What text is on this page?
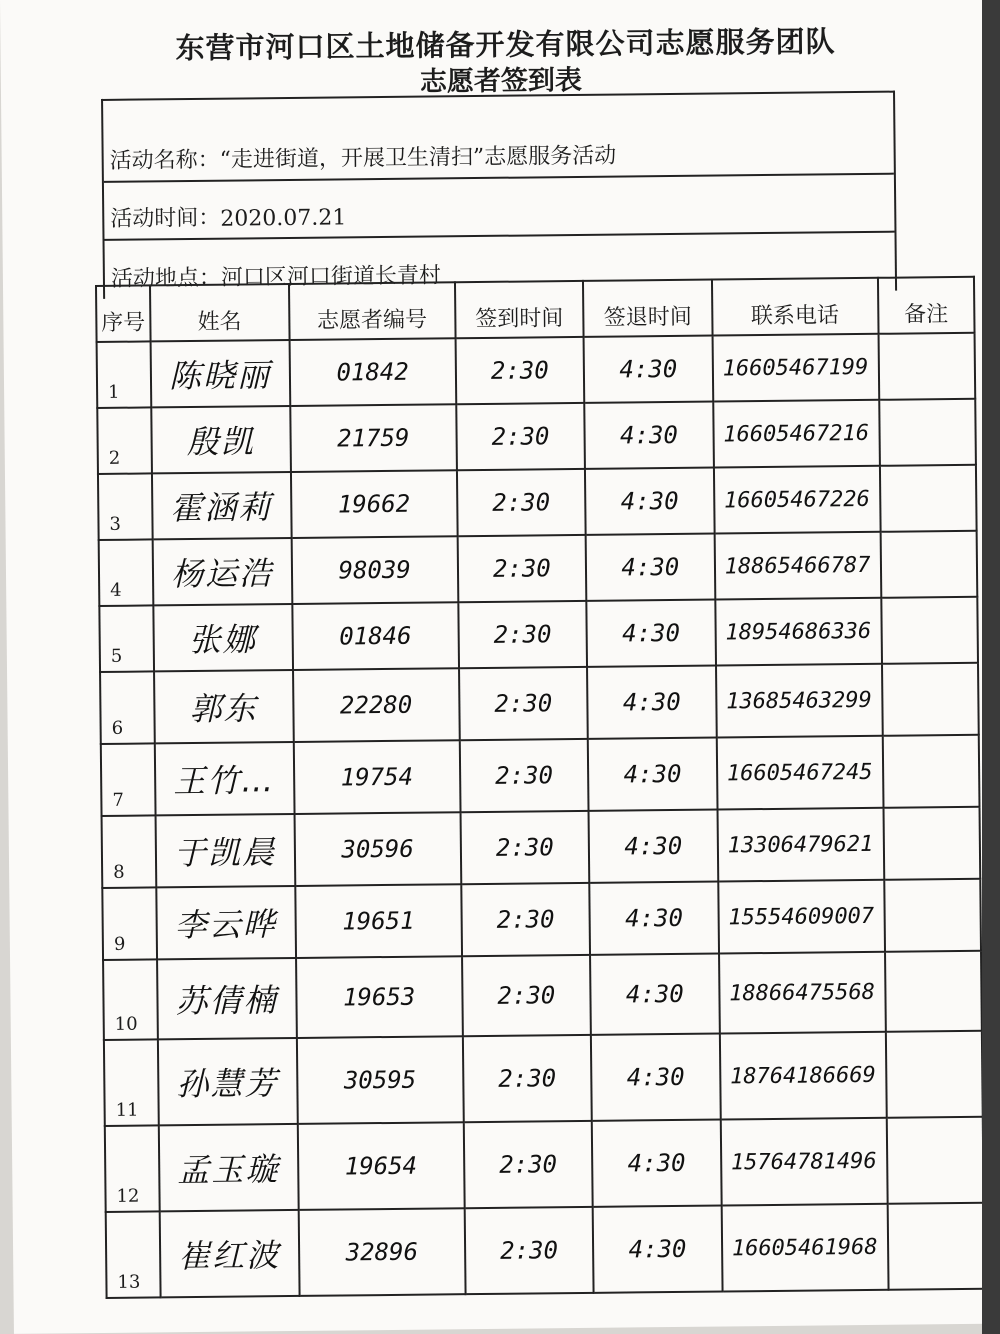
东营市河口区土地储备开发有限公司志愿服务团队
志愿者签到表
活动名称： “走进街道，开展卫生清扫”志愿服务活动
活动时间： 2020.07.21
活动地点： 河口区河口街道长青村
序号	姓名	志愿者编号	签到时间	签退时间	联系电话	备注
1	陈晓丽	01842	2:30	4:30	16605467199	
2	殷凯	21759	2:30	4:30	16605467216	
3	霍涵莉	19662	2:30	4:30	16605467226	
4	杨运浩	98039	2:30	4:30	18865466787	
5	张娜	01846	2:30	4:30	18954686336	
6	郭东	22280	2:30	4:30	13685463299	
7	王竹…	19754	2:30	4:30	16605467245	
8	于凯晨	30596	2:30	4:30	13306479621	
9	李云晔	19651	2:30	4:30	15554609007	
10	苏倩楠	19653	2:30	4:30	18866475568	
11	孙慧芳	30595	2:30	4:30	18764186669	
12	孟玉璇	19654	2:30	4:30	15764781496	
13	崔红波	32896	2:30	4:30	16605461968	
